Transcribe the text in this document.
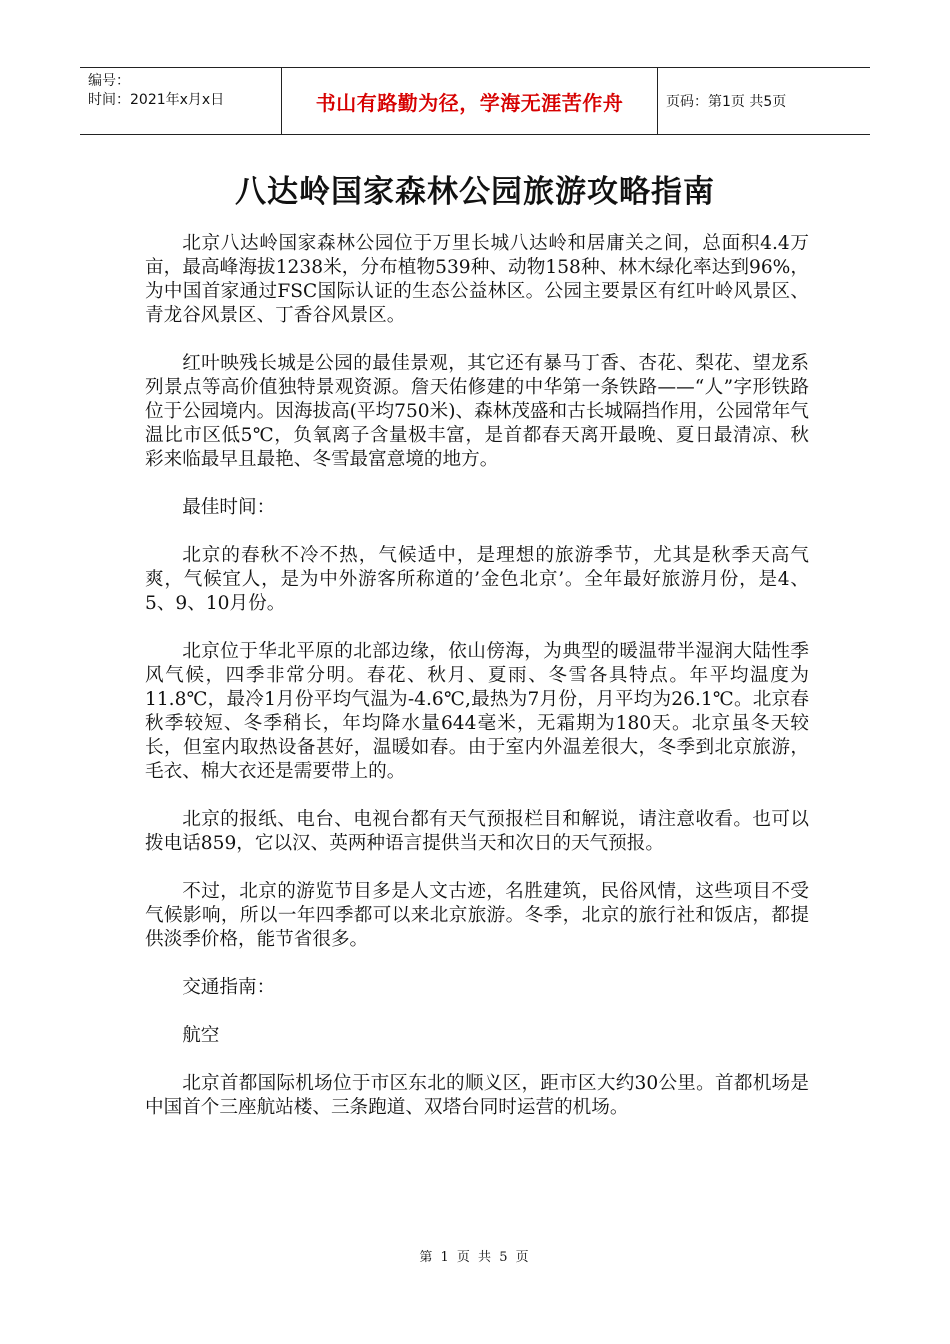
编号：
时间：2021年x月x日	书山有路勤为径，学海无涯苦作舟	页码：第1页 共5页
八达岭国家森林公园旅游攻略指南

北京八达岭国家森林公园位于万里长城八达岭和居庸关之间，总面积4.4万亩，最高峰海拔1238米，分布植物539种、动物158种、林木绿化率达到96%，为中国首家通过FSC国际认证的生态公益林区。公园主要景区有红叶岭风景区、青龙谷风景区、丁香谷风景区。

红叶映残长城是公园的最佳景观，其它还有暴马丁香、杏花、梨花、望龙系列景点等高价值独特景观资源。詹天佑修建的中华第一条铁路——“人”字形铁路位于公园境内。因海拔高(平均750米)、森林茂盛和古长城隔挡作用，公园常年气温比市区低5℃，负氧离子含量极丰富，是首都春天离开最晚、夏日最清凉、秋彩来临最早且最艳、冬雪最富意境的地方。

最佳时间：

北京的春秋不冷不热，气候适中，是理想的旅游季节，尤其是秋季天高气爽，气候宜人，是为中外游客所称道的’金色北京’。全年最好旅游月份，是4、5、9、10月份。

北京位于华北平原的北部边缘，依山傍海，为典型的暖温带半湿润大陆性季风气候，四季非常分明。春花、秋月、夏雨、冬雪各具特点。年平均温度为11.8℃，最冷1月份平均气温为-4.6℃,最热为7月份，月平均为26.1℃。北京春秋季较短、冬季稍长，年均降水量644毫米，无霜期为180天。北京虽冬天较长，但室内取热设备甚好，温暖如春。由于室内外温差很大，冬季到北京旅游，毛衣、棉大衣还是需要带上的。

北京的报纸、电台、电视台都有天气预报栏目和解说，请注意收看。也可以拨电话859，它以汉、英两种语言提供当天和次日的天气预报。

不过，北京的游览节目多是人文古迹，名胜建筑，民俗风情，这些项目不受气候影响，所以一年四季都可以来北京旅游。冬季，北京的旅行社和饭店，都提供淡季价格，能节省很多。

交通指南：

航空

北京首都国际机场位于市区东北的顺义区，距市区大约30公里。首都机场是中国首个三座航站楼、三条跑道、双塔台同时运营的机场。

第 1 页 共 5 页
